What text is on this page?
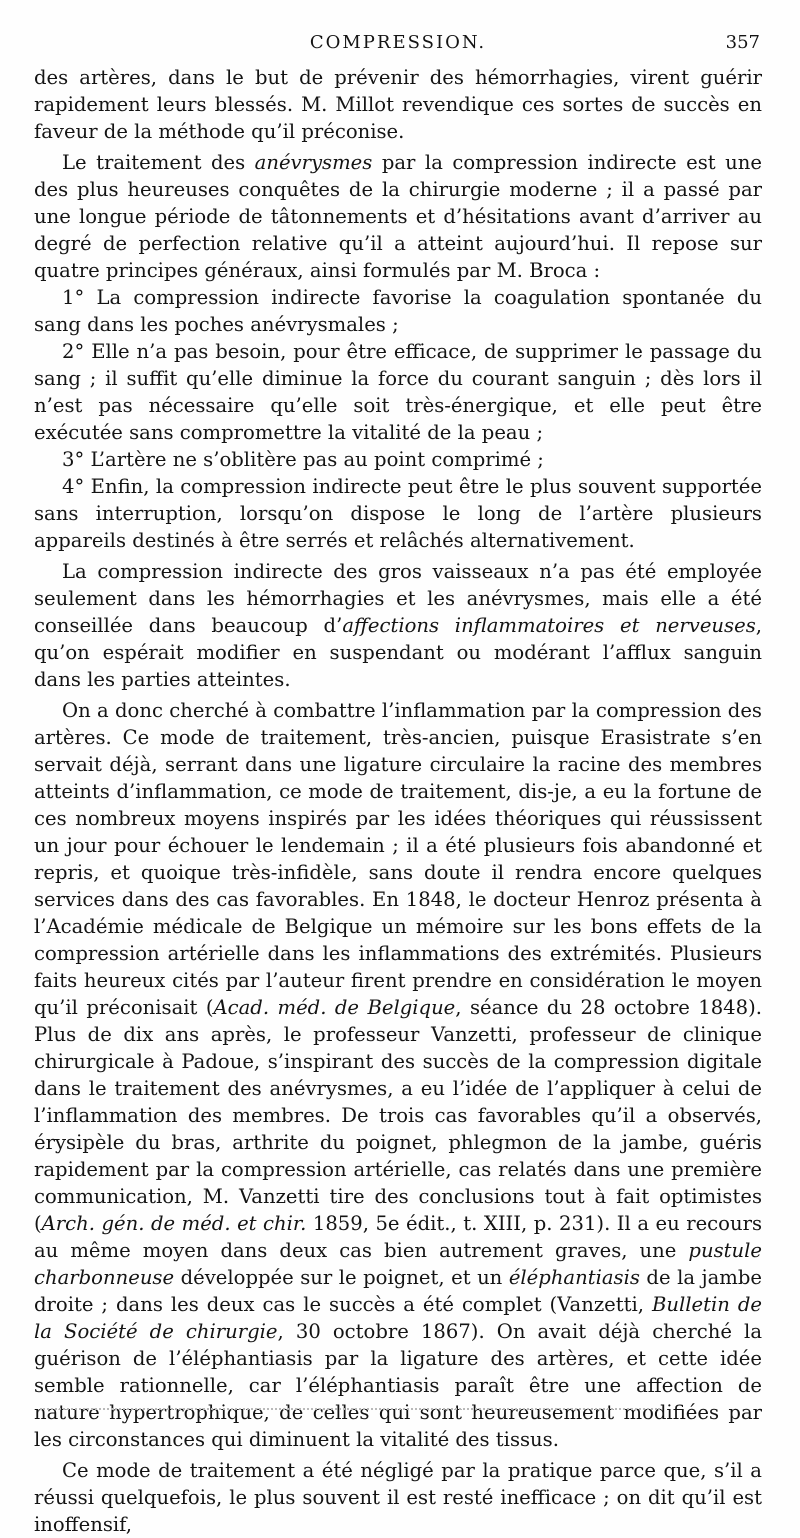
COMPRESSION.	357

des artères, dans le but de prévenir des hémorrhagies, virent guérir rapidement leurs blessés. M. Millot revendique ces sortes de succès en faveur de la méthode qu’il préconise.

Le traitement des anévrysmes par la compression indirecte est une des plus heureuses conquêtes de la chirurgie moderne ; il a passé par une longue période de tâtonnements et d’hésitations avant d’arriver au degré de perfection relative qu’il a atteint aujourd’hui. Il repose sur quatre principes généraux, ainsi formulés par M. Broca :

1° La compression indirecte favorise la coagulation spontanée du sang dans les poches anévrysmales ;

2° Elle n’a pas besoin, pour être efficace, de supprimer le passage du sang ; il suffit qu’elle diminue la force du courant sanguin ; dès lors il n’est pas nécessaire qu’elle soit très-énergique, et elle peut être exécutée sans compromettre la vitalité de la peau ;

3° L’artère ne s’oblitère pas au point comprimé ;

4° Enfin, la compression indirecte peut être le plus souvent supportée sans interruption, lorsqu’on dispose le long de l’artère plusieurs appareils destinés à être serrés et relâchés alternativement.

La compression indirecte des gros vaisseaux n’a pas été employée seulement dans les hémorrhagies et les anévrysmes, mais elle a été conseillée dans beaucoup d’affections inflammatoires et nerveuses, qu’on espérait modifier en suspendant ou modérant l’afflux sanguin dans les parties atteintes.

On a donc cherché à combattre l’inflammation par la compression des artères. Ce mode de traitement, très-ancien, puisque Erasistrate s’en servait déjà, serrant dans une ligature circulaire la racine des membres atteints d’inflammation, ce mode de traitement, dis-je, a eu la fortune de ces nombreux moyens inspirés par les idées théoriques qui réussissent un jour pour échouer le lendemain ; il a été plusieurs fois abandonné et repris, et quoique très-infidèle, sans doute il rendra encore quelques services dans des cas favorables. En 1848, le docteur Henroz présenta à l’Académie médicale de Belgique un mémoire sur les bons effets de la compression artérielle dans les inflammations des extrémités. Plusieurs faits heureux cités par l’auteur firent prendre en considération le moyen qu’il préconisait (Acad. méd. de Belgique, séance du 28 octobre 1848). Plus de dix ans après, le professeur Vanzetti, professeur de clinique chirurgicale à Padoue, s’inspirant des succès de la compression digitale dans le traitement des anévrysmes, a eu l’idée de l’appliquer à celui de l’inflammation des membres. De trois cas favorables qu’il a observés, érysipèle du bras, arthrite du poignet, phlegmon de la jambe, guéris rapidement par la compression artérielle, cas relatés dans une première communication, M. Vanzetti tire des conclusions tout à fait optimistes (Arch. gén. de méd. et chir. 1859, 5e édit., t. XIII, p. 231). Il a eu recours au même moyen dans deux cas bien autrement graves, une pustule charbonneuse développée sur le poignet, et un éléphantiasis de la jambe droite ; dans les deux cas le succès a été complet (Vanzetti, Bulletin de la Société de chirurgie, 30 octobre 1867). On avait déjà cherché la guérison de l’éléphantiasis par la ligature des artères, et cette idée semble rationnelle, car l’éléphantiasis paraît être une affection de nature hypertrophique, de celles qui sont heureusement modifiées par les circonstances qui diminuent la vitalité des tissus.

Ce mode de traitement a été négligé par la pratique parce que, s’il a réussi quelquefois, le plus souvent il est resté inefficace ; on dit qu’il est inoffensif,
